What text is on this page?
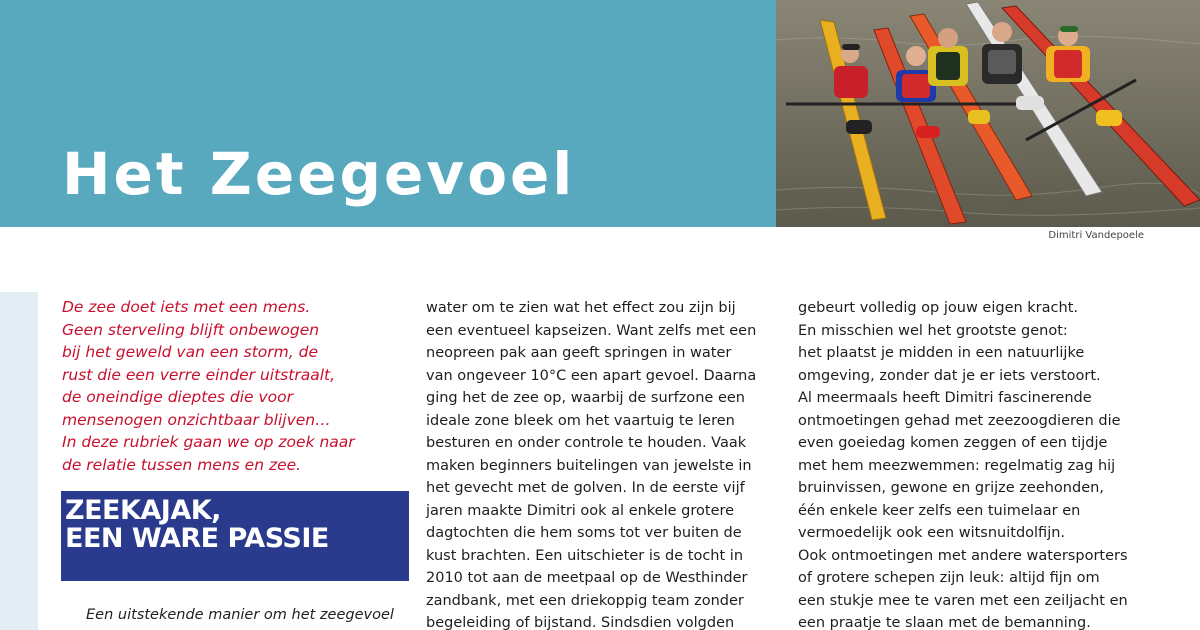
Het Zeegevoel
Dimitri Vandepoele

De zee doet iets met een mens.

Geen sterveling blijft onbewogen

bij het geweld van een storm, de

rust die een verre einder uitstraalt,

de oneindige dieptes die voor

mensenogen onzichtbaar blijven…

In deze rubriek gaan we op zoek naar

de relatie tussen mens en zee.

ZEEKAJAK,

EEN WARE PASSIE

Een uitstekende manier om het zeegevoel

water om te zien wat het effect zou zijn bij

een eventueel kapseizen. Want zelfs met een

neopreen pak aan geeft springen in water

van ongeveer 10°C een apart gevoel. Daarna

ging het de zee op, waarbij de surfzone een

ideale zone bleek om het vaartuig te leren

besturen en onder controle te houden. Vaak

maken beginners buitelingen van jewelste in

het gevecht met de golven. In de eerste vijf

jaren maakte Dimitri ook al enkele grotere

dagtochten die hem soms tot ver buiten de

kust brachten. Een uitschieter is de tocht in

2010 tot aan de meetpaal op de Westhinder

zandbank, met een driekoppig team zonder

begeleiding of bijstand. Sindsdien volgden

gebeurt volledig op jouw eigen kracht.

En misschien wel het grootste genot:

het plaatst je midden in een natuurlijke

omgeving, zonder dat je er iets verstoort.

Al meermaals heeft Dimitri fascinerende

ontmoetingen gehad met zeezoogdieren die

even goeiedag komen zeggen of een tijdje

met hem meezwemmen: regelmatig zag hij

bruinvissen, gewone en grijze zeehonden,

één enkele keer zelfs een tuimelaar en

vermoedelijk ook een witsnuitdolfijn.

Ook ontmoetingen met andere watersporters

of grotere schepen zijn leuk: altijd fijn om

een stukje mee te varen met een zeiljacht en

een praatje te slaan met de bemanning.
